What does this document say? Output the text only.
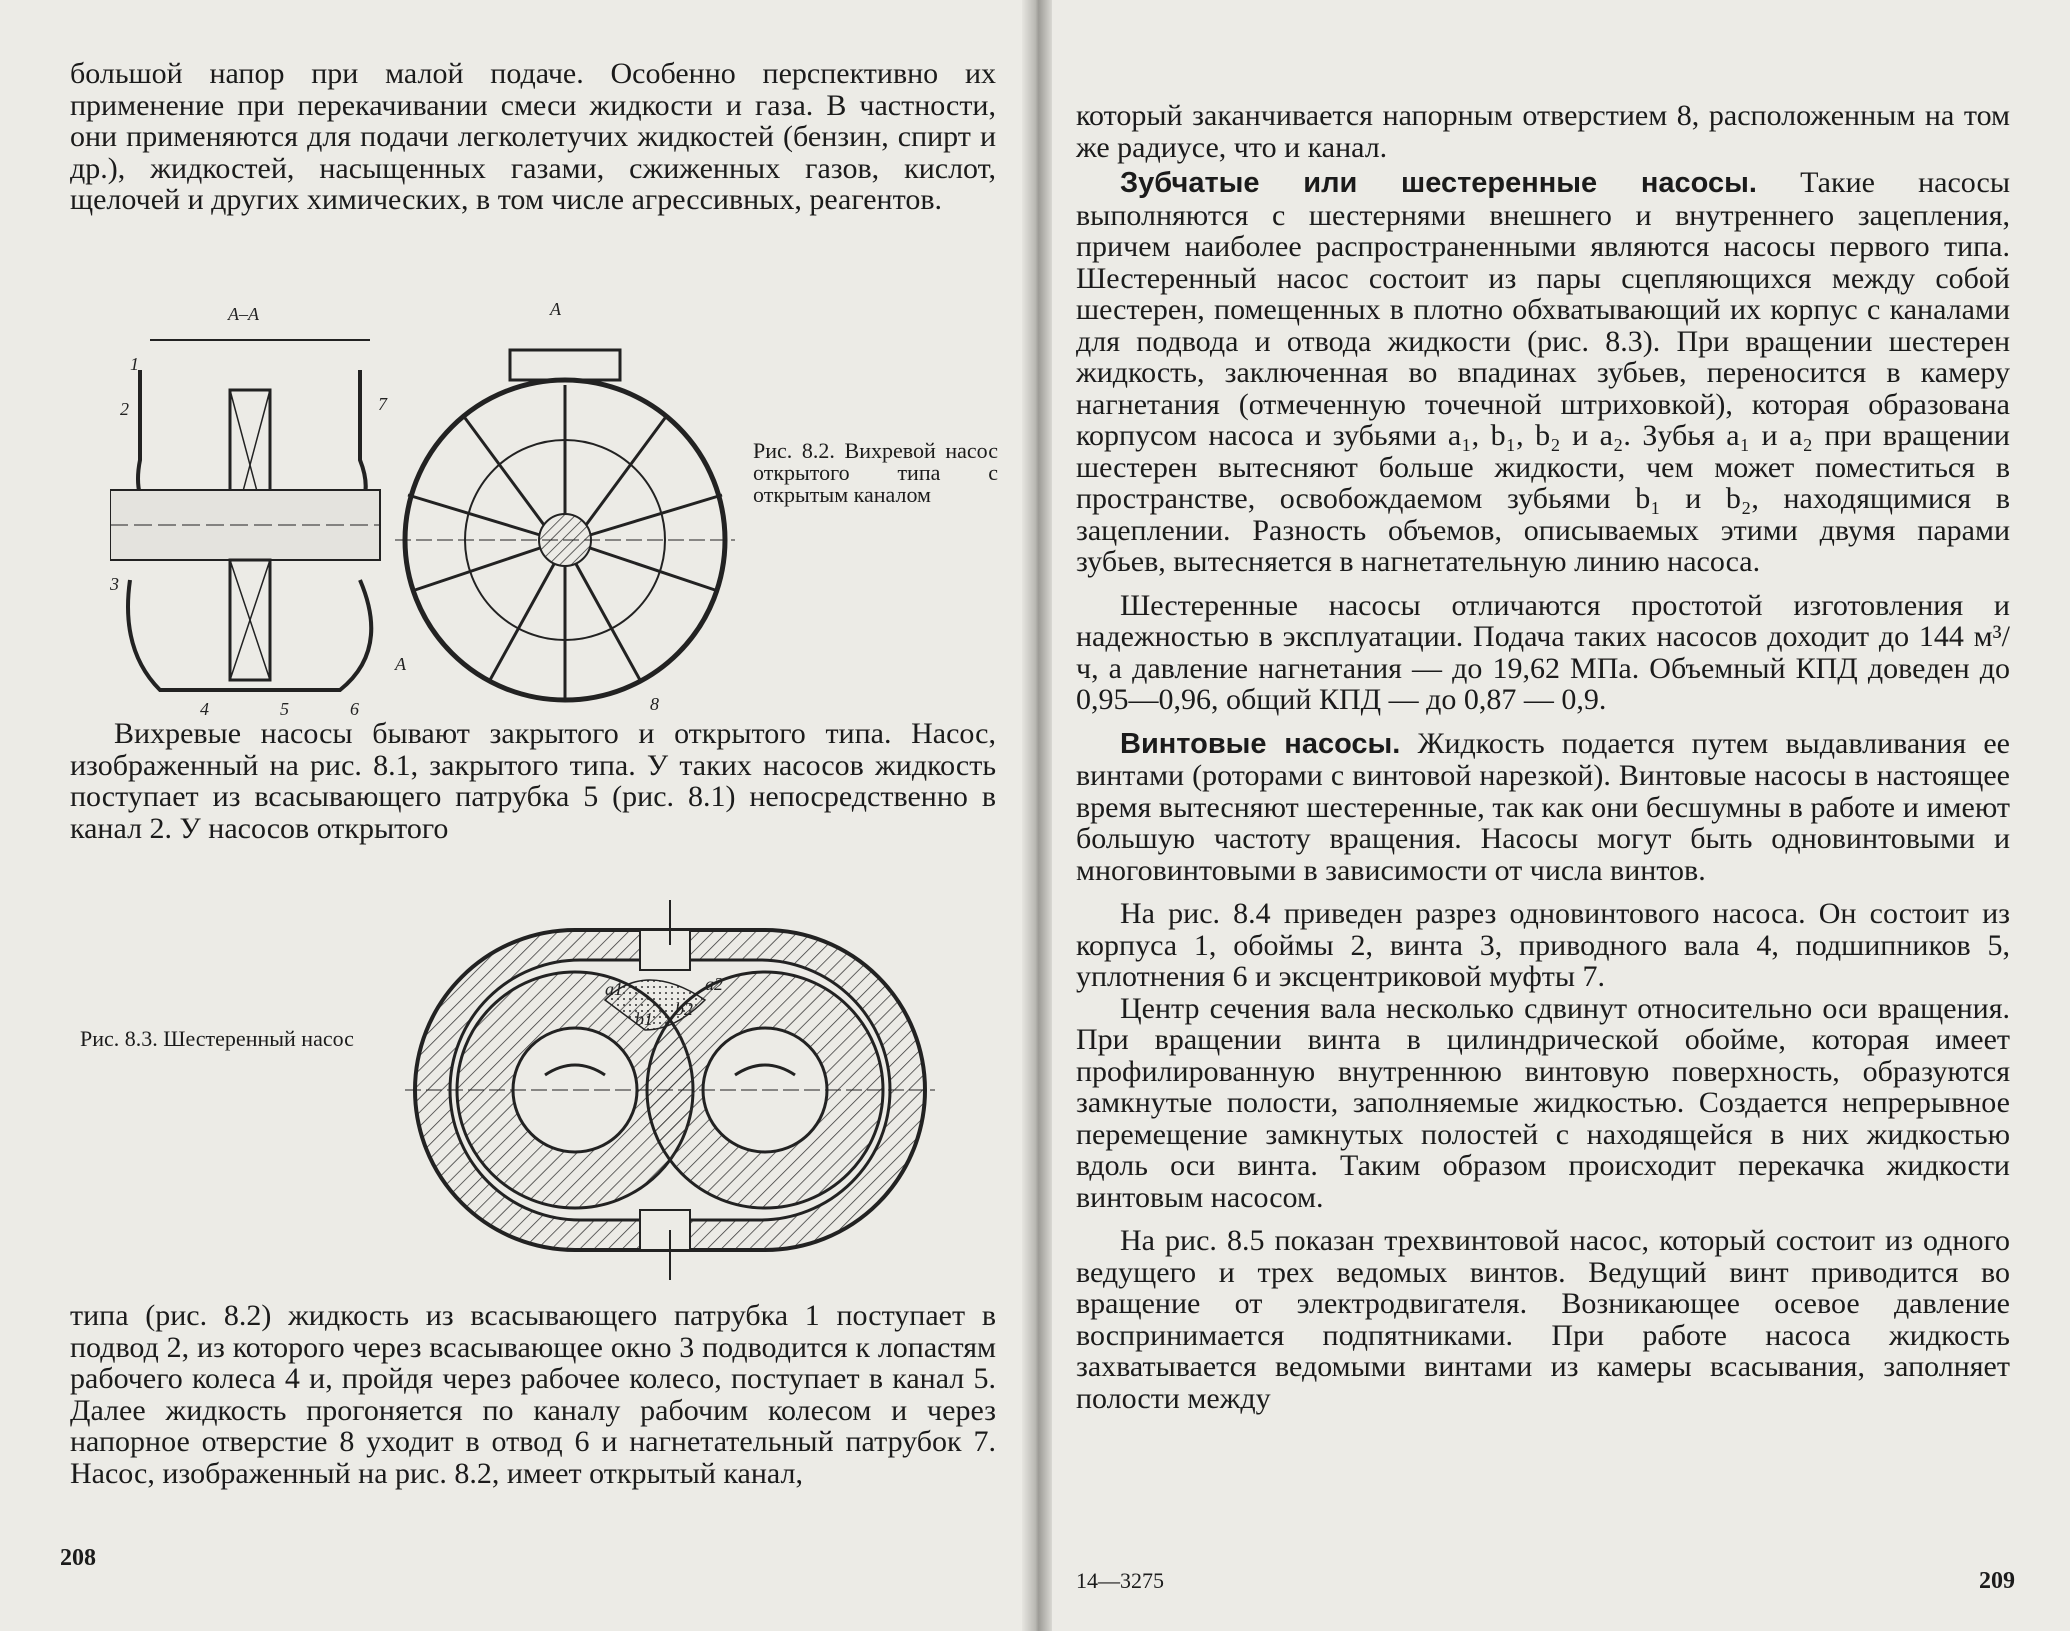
большой напор при малой подаче. Особенно перспективно их применение при перекачивании смеси жидкости и газа. В частности, они применяются для подачи легколетучих жидкостей (бензин, спирт и др.), жидкостей, насыщенных газами, сжиженных газов, кислот, щелочей и других химических, в том числе агрессивных, реагентов.

А–А
1
2
3
4	5	6
7
А
А
8

Рис. 8.2. Вихревой насос открытого типа с открытым каналом

Вихревые насосы бывают закрытого и открытого типа. Насос, изображенный на рис. 8.1, закрытого типа. У таких насосов жидкость поступает из всасывающего патрубка 5 (рис. 8.1) непосредственно в канал 2. У насосов открытого

Рис. 8.3. Шестеренный насос

a1
b1 b2
a2

типа (рис. 8.2) жидкость из всасывающего патрубка 1 поступает в подвод 2, из которого через всасывающее окно 3 подводится к лопастям рабочего колеса 4 и, пройдя через рабочее колесо, поступает в канал 5. Далее жидкость прогоняется по каналу рабочим колесом и через напорное отверстие 8 уходит в отвод 6 и нагнетательный патрубок 7. Насос, изображенный на рис. 8.2, имеет открытый канал,

208

который заканчивается напорным отверстием 8, расположенным на том же радиусе, что и канал.

Зубчатые или шестеренные насосы. Такие насосы выполняются с шестернями внешнего и внутреннего зацепления, причем наиболее распространенными являются насосы первого типа. Шестеренный насос состоит из пары сцепляющихся между собой шестерен, помещенных в плотно обхватывающий их корпус с каналами для подвода и отвода жидкости (рис. 8.3). При вращении шестерен жидкость, заключенная во впадинах зубьев, переносится в камеру нагнетания (отмеченную точечной штриховкой), которая образована корпусом насоса и зубьями a₁, b₁, b₂ и a₂. Зубья a₁ и a₂ при вращении шестерен вытесняют больше жидкости, чем может поместиться в пространстве, освобождаемом зубьями b₁ и b₂, находящимися в зацеплении. Разность объемов, описываемых этими двумя парами зубьев, вытесняется в нагнетательную линию насоса.

Шестеренные насосы отличаются простотой изготовления и надежностью в эксплуатации. Подача таких насосов доходит до 144 м³/ч, а давление нагнетания — до 19,62 МПа. Объемный КПД доведен до 0,95—0,96, общий КПД — до 0,87 — 0,9.

Винтовые насосы. Жидкость подается путем выдавливания ее винтами (роторами с винтовой нарезкой). Винтовые насосы в настоящее время вытесняют шестеренные, так как они бесшумны в работе и имеют большую частоту вращения. Насосы могут быть одновинтовыми и многовинтовыми в зависимости от числа винтов.

На рис. 8.4 приведен разрез одновинтового насоса. Он состоит из корпуса 1, обоймы 2, винта 3, приводного вала 4, подшипников 5, уплотнения 6 и эксцентриковой муфты 7.

Центр сечения вала несколько сдвинут относительно оси вращения. При вращении винта в цилиндрической обойме, которая имеет профилированную внутреннюю винтовую поверхность, образуются замкнутые полости, заполняемые жидкостью. Создается непрерывное перемещение замкнутых полостей с находящейся в них жидкостью вдоль оси винта. Таким образом происходит перекачка жидкости винтовым насосом.

На рис. 8.5 показан трехвинтовой насос, который состоит из одного ведущего и трех ведомых винтов. Ведущий винт приводится во вращение от электродвигателя. Возникающее осевое давление воспринимается подпятниками. При работе насоса жидкость захватывается ведомыми винтами из камеры всасывания, заполняет полости между

14—3275	209
